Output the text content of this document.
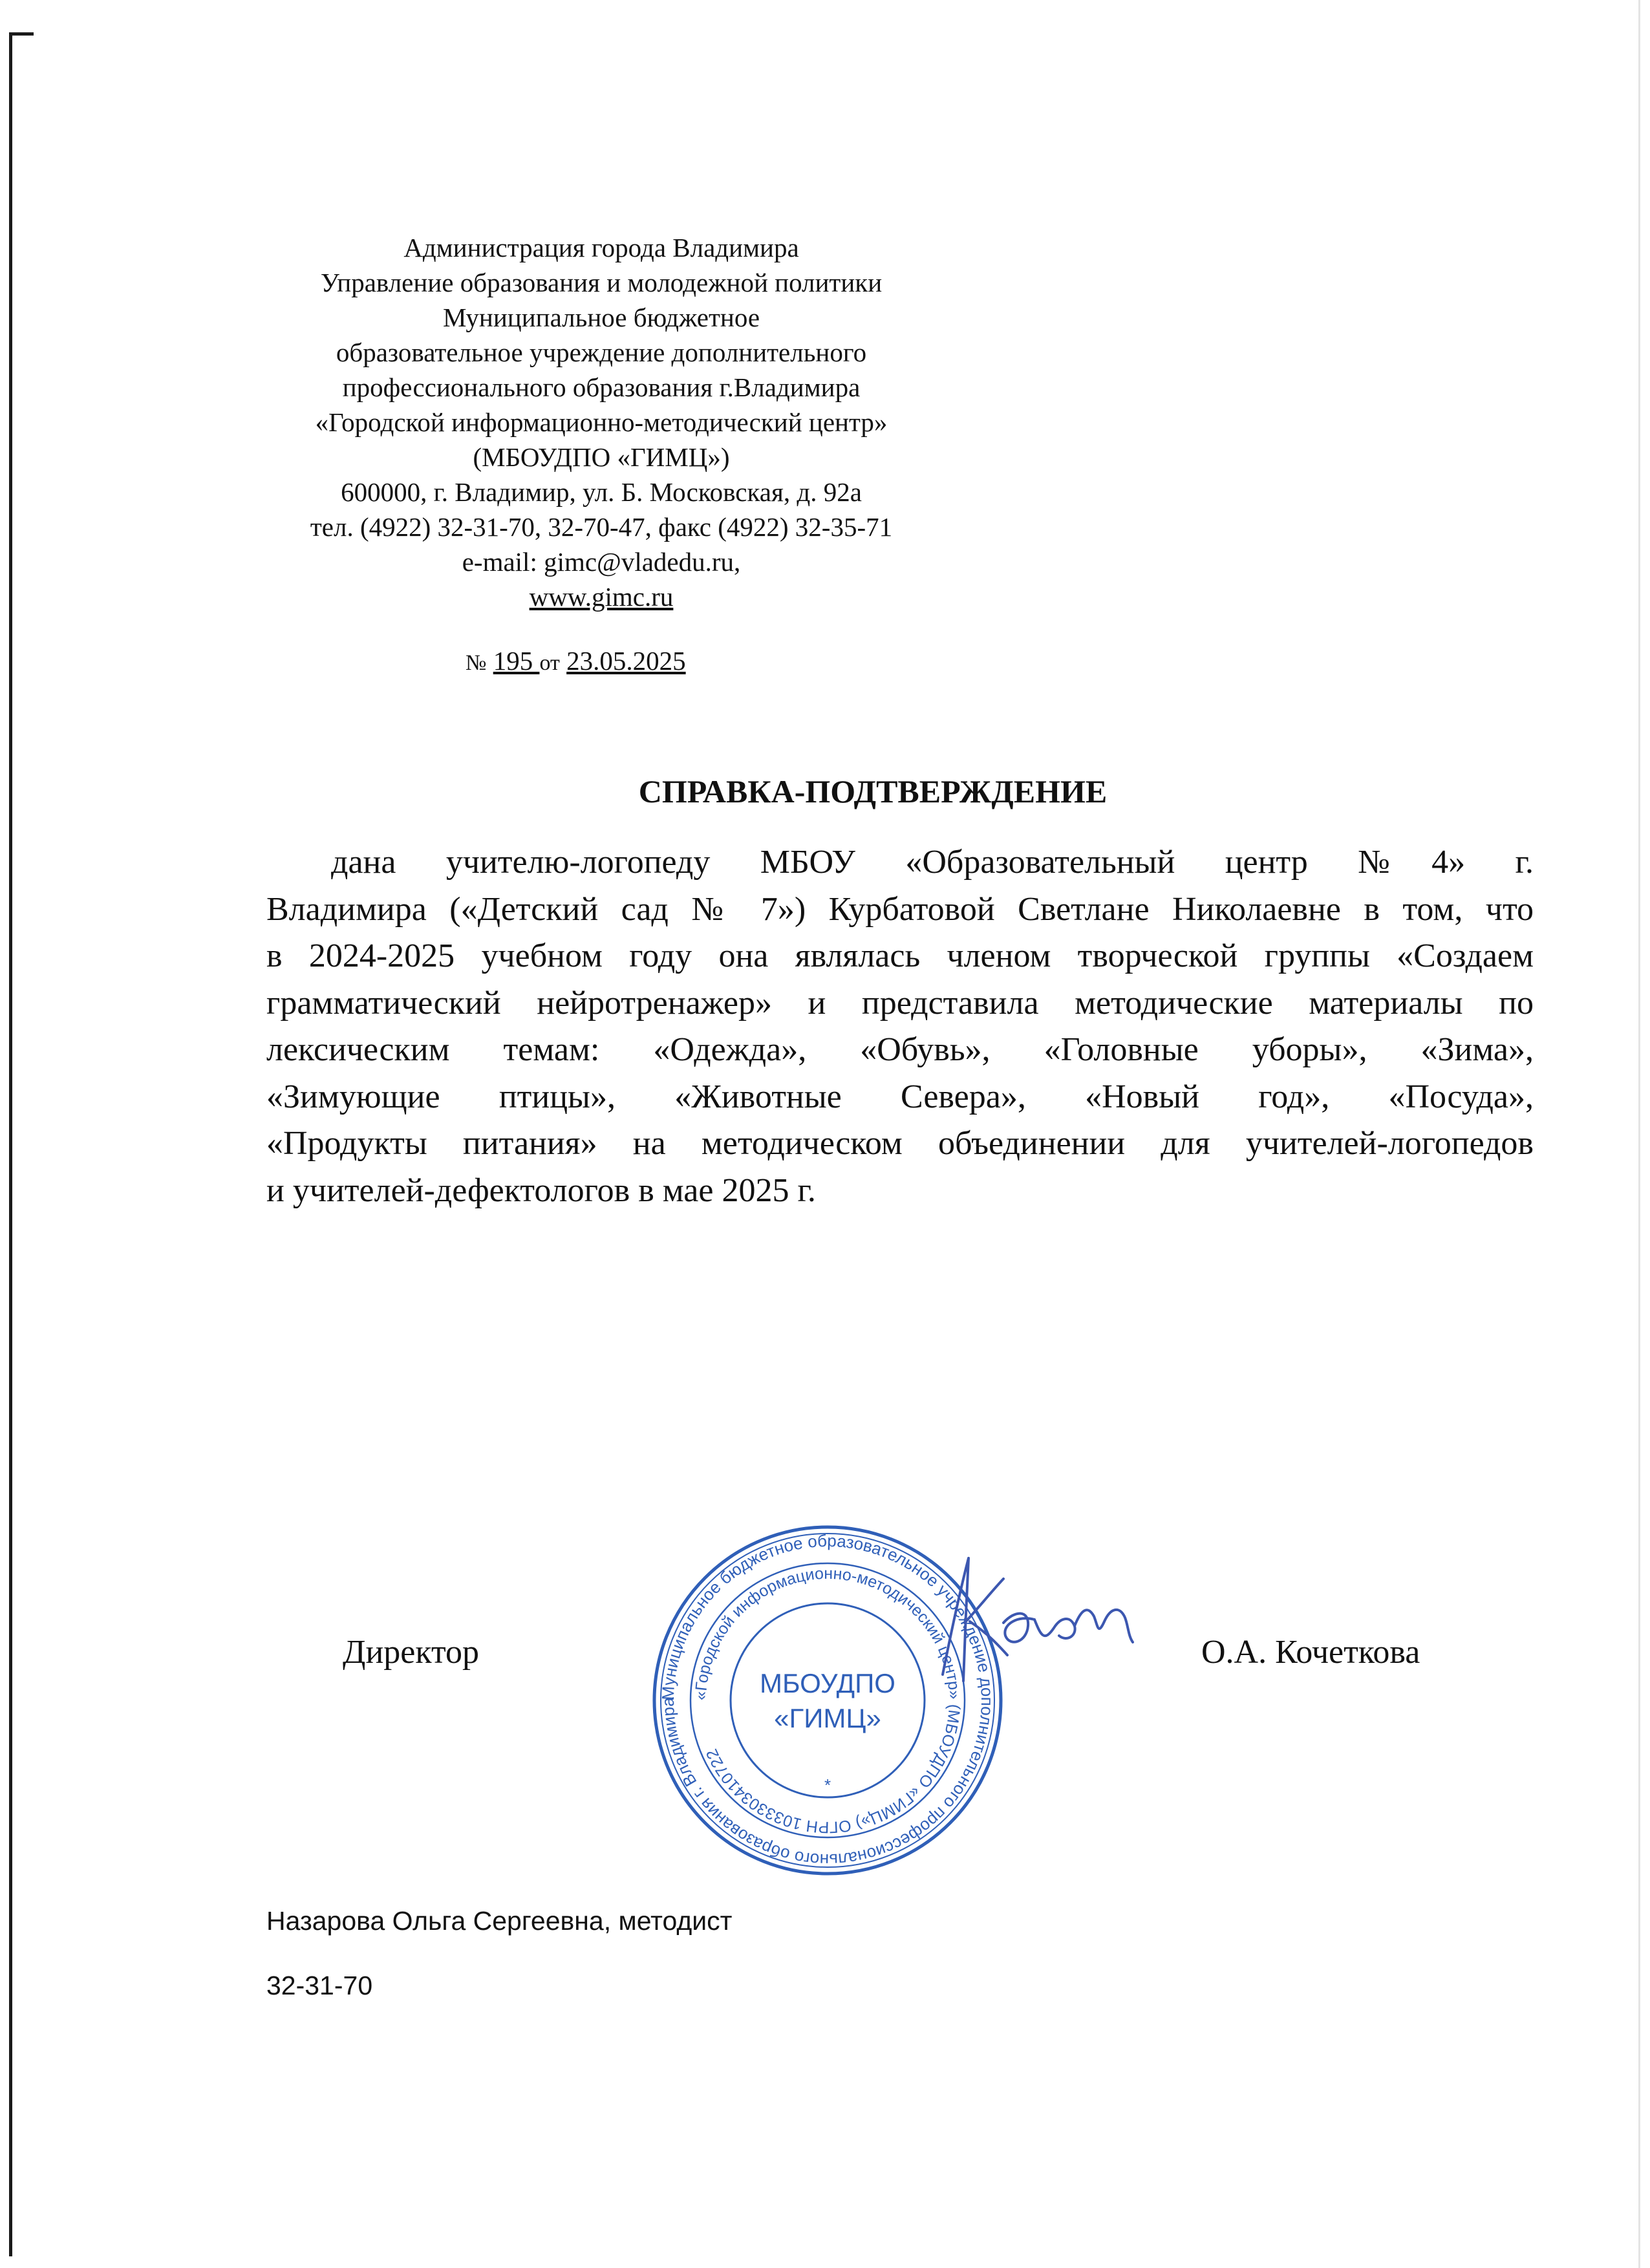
Администрация города Владимира
Управление образования и молодежной политики
Муниципальное бюджетное
образовательное учреждение дополнительного
профессионального образования г.Владимира
«Городской информационно-методический центр»
(МБОУДПО «ГИМЦ»)
600000, г. Владимир, ул. Б. Московская, д. 92а
тел. (4922) 32-31-70, 32-70-47, факс (4922) 32-35-71
e-mail: gimc@vladedu.ru,
www.gimc.ru
№ 195 от 23.05.2025
СПРАВКА-ПОДТВЕРЖДЕНИЕ
дана учителю-логопеду МБОУ «Образовательный центр №4» г.
Владимира («Детский сад № 7») Курбатовой Светлане Николаевне в том, что
в 2024-2025 учебном году она являлась членом творческой группы «Создаем
грамматический нейротренажер» и представила методические материалы по
лексическим темам: «Одежда», «Обувь», «Головные уборы», «Зима»,
«Зимующие птицы», «Животные Севера», «Новый год», «Посуда»,
«Продукты питания» на методическом объединении для учителей-логопедов
и учителей-дефектологов в мае 2025 г.
Муниципальное бюджетное образовательное учреждение дополнительного профессионального образования г. Владимира
«Городской информационно-методический центр» (МБОУДПО «ГИМЦ») ОГРН 1033303410722
МБОУДПО
«ГИМЦ»
*
Директор	О.А. Кочеткова
Назарова Ольга Сергеевна, методист
32-31-70
